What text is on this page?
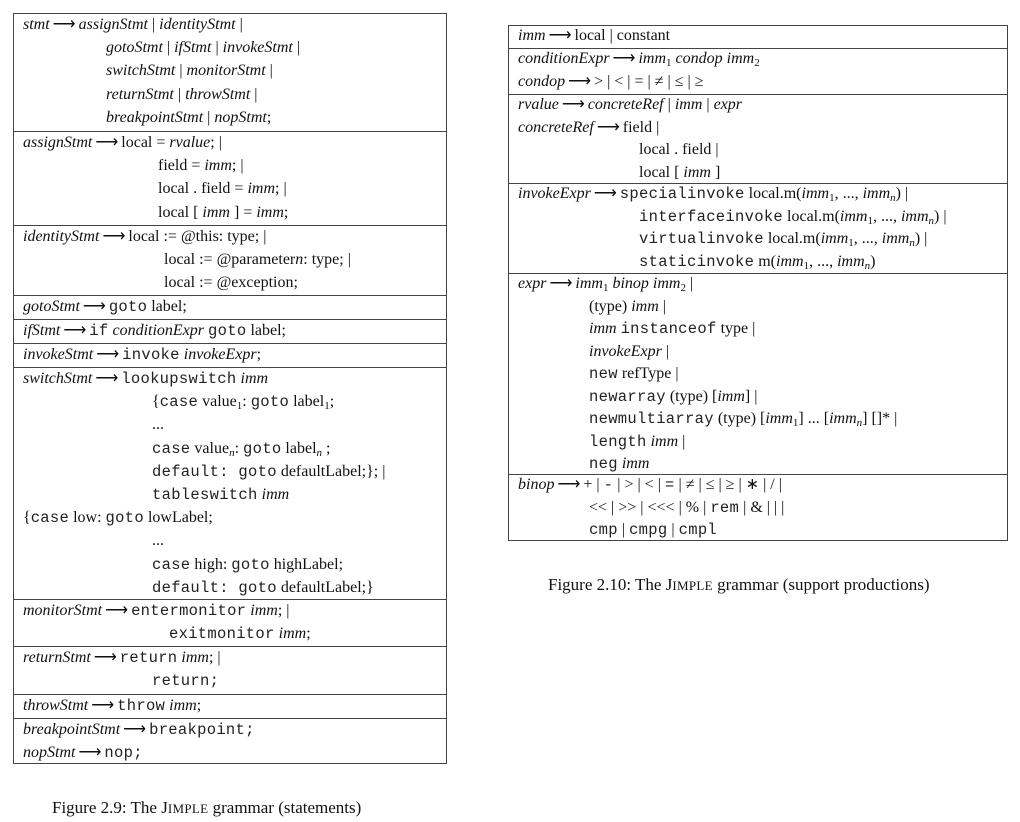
stmt ⟶ assignStmt | identityStmt |
gotoStmt | ifStmt | invokeStmt |
switchStmt | monitorStmt |
returnStmt | throwStmt |
breakpointStmt | nopStmt;
assignStmt ⟶ local = rvalue; |
field = imm; |
local . field = imm; |
local [ imm ] = imm;
identityStmt ⟶ local := @this: type; |
local := @parametern: type; |
local := @exception;
gotoStmt ⟶ goto label;
ifStmt ⟶ if conditionExpr goto label;
invokeStmt ⟶ invoke invokeExpr;
switchStmt ⟶ lookupswitch imm
{case value$_1$: goto label$_1$;
...
case value$_n$: goto label$_n$ ;
default: goto defaultLabel;}; |
tableswitch imm
{case low: goto lowLabel;
...
case high: goto highLabel;
default: goto defaultLabel;}
monitorStmt ⟶ entermonitor imm; |
exitmonitor imm;
returnStmt ⟶ return imm; |
return;
throwStmt ⟶ throw imm;
breakpointStmt ⟶ breakpoint;
nopStmt ⟶ nop;
Figure 2.9: The JIMPLE grammar (statements)
imm ⟶ local | constant
conditionExpr ⟶ imm$_1$ condop imm$_2$
condop ⟶ > | < | = | ≠ | ≤ | ≥
rvalue ⟶ concreteRef | imm | expr
concreteRef ⟶ field |
local . field |
local [ imm ]
invokeExpr ⟶ specialinvoke local.m(imm$_1$, ..., imm$_n$) |
interfaceinvoke local.m(imm$_1$, ..., imm$_n$) |
virtualinvoke local.m(imm$_1$, ..., imm$_n$) |
staticinvoke m(imm$_1$, ..., imm$_n$)
expr ⟶ imm$_1$ binop imm$_2$ |
(type) imm |
imm instanceof type |
invokeExpr |
new refType |
newarray (type) [imm] |
newmultiarray (type) [imm$_1$] ... [imm$_n$] []* |
length imm |
neg imm
binop ⟶ + | - | > | < | = | ≠ | ≤ | ≥ | ∗ | / |
<< | >> | <<< | % | rem | & | | |
cmp | cmpg | cmpl
Figure 2.10: The JIMPLE grammar (support productions)
